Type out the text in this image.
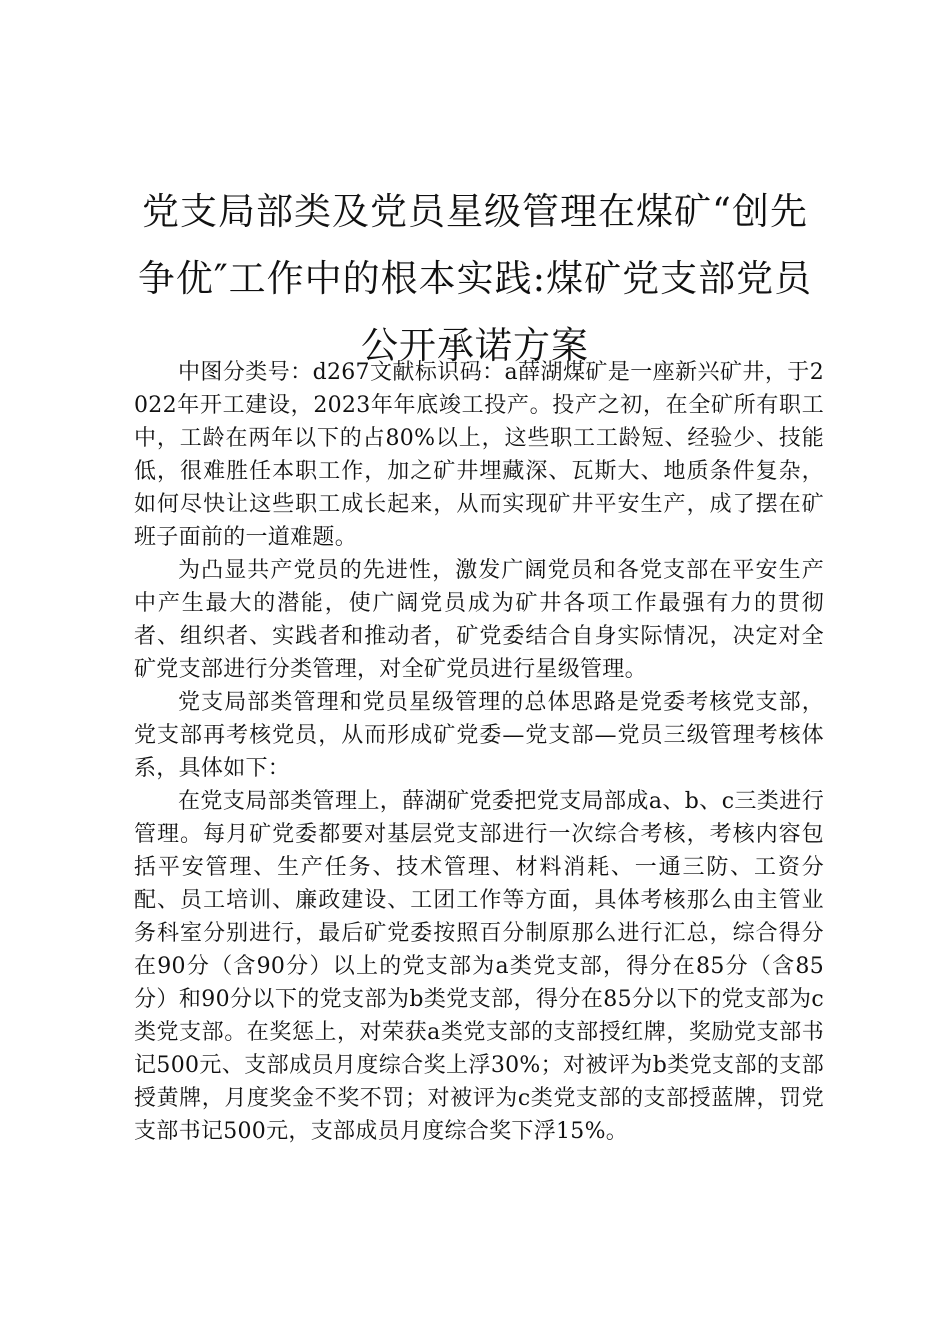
党支局部类及党员星级管理在煤矿“创先争优″工作中的根本实践:煤矿党支部党员公开承诺方案

中图分类号：d267文献标识码：a薛湖煤矿是一座新兴矿井，于2022年开工建设，2023年年底竣工投产。投产之初，在全矿所有职工中，工龄在两年以下的占80%以上，这些职工工龄短、经验少、技能低，很难胜任本职工作，加之矿井埋藏深、瓦斯大、地质条件复杂，如何尽快让这些职工成长起来，从而实现矿井平安生产，成了摆在矿班子面前的一道难题。

为凸显共产党员的先进性，激发广阔党员和各党支部在平安生产中产生最大的潜能，使广阔党员成为矿井各项工作最强有力的贯彻者、组织者、实践者和推动者，矿党委结合自身实际情况，决定对全矿党支部进行分类管理，对全矿党员进行星级管理。

党支局部类管理和党员星级管理的总体思路是党委考核党支部，党支部再考核党员，从而形成矿党委—党支部—党员三级管理考核体系，具体如下：

在党支局部类管理上，薛湖矿党委把党支局部成a、b、c三类进行管理。每月矿党委都要对基层党支部进行一次综合考核，考核内容包括平安管理、生产任务、技术管理、材料消耗、一通三防、工资分配、员工培训、廉政建设、工团工作等方面，具体考核那么由主管业务科室分别进行，最后矿党委按照百分制原那么进行汇总，综合得分在90分（含90分）以上的党支部为a类党支部，得分在85分（含85分）和90分以下的党支部为b类党支部，得分在85分以下的党支部为c类党支部。在奖惩上，对荣获a类党支部的支部授红牌，奖励党支部书记500元、支部成员月度综合奖上浮30%；对被评为b类党支部的支部授黄牌，月度奖金不奖不罚；对被评为c类党支部的支部授蓝牌，罚党支部书记500元，支部成员月度综合奖下浮15%。
